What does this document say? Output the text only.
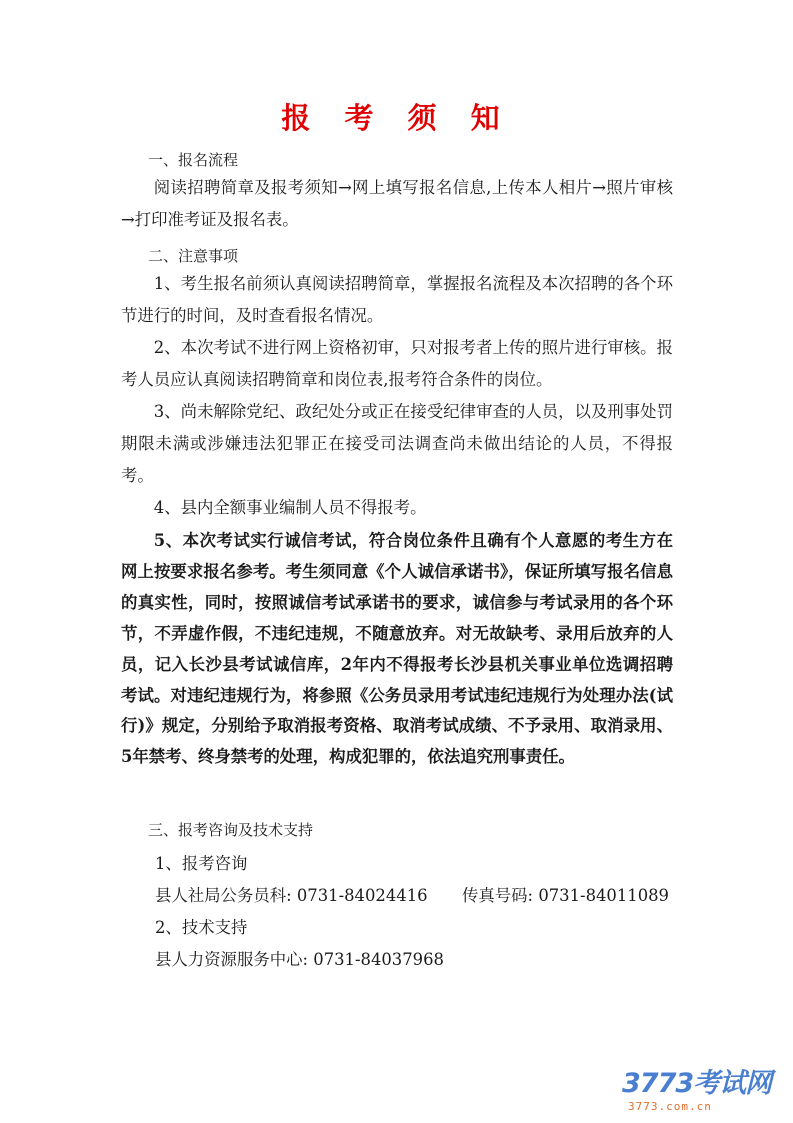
报 考 须 知
一、报名流程

阅读招聘简章及报考须知→网上填写报名信息,上传本人相片→照片审核→打印准考证及报名表。

二、注意事项

1、考生报名前须认真阅读招聘简章，掌握报名流程及本次招聘的各个环节进行的时间，及时查看报名情况。

2、本次考试不进行网上资格初审，只对报考者上传的照片进行审核。报考人员应认真阅读招聘简章和岗位表,报考符合条件的岗位。

3、尚未解除党纪、政纪处分或正在接受纪律审查的人员，以及刑事处罚期限未满或涉嫌违法犯罪正在接受司法调查尚未做出结论的人员，不得报考。

4、县内全额事业编制人员不得报考。

5、本次考试实行诚信考试，符合岗位条件且确有个人意愿的考生方在网上按要求报名参考。考生须同意《个人诚信承诺书》，保证所填写报名信息的真实性，同时，按照诚信考试承诺书的要求，诚信参与考试录用的各个环节，不弄虚作假，不违纪违规，不随意放弃。对无故缺考、录用后放弃的人员，记入长沙县考试诚信库，2年内不得报考长沙县机关事业单位选调招聘考试。对违纪违规行为，将参照《公务员录用考试违纪违规行为处理办法(试行)》规定，分别给予取消报考资格、取消考试成绩、不予录用、取消录用、5年禁考、终身禁考的处理，构成犯罪的，依法追究刑事责任。

三、报考咨询及技术支持
1、报考咨询
县人社局公务员科: 0731-84024416 传真号码: 0731-84011089
2、技术支持
县人力资源服务中心: 0731-84037968
3773考试网
3773.com.cn
